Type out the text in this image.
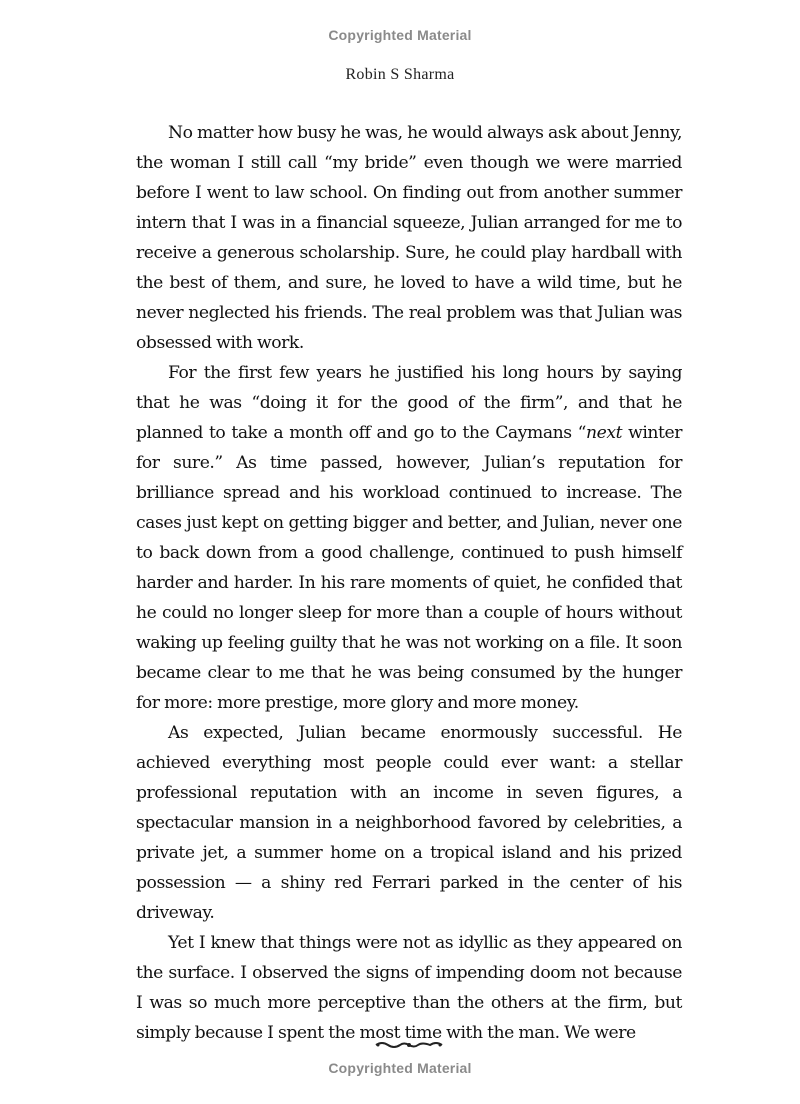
Copyrighted Material
Robin S Sharma

No matter how busy he was, he would always ask about Jenny, the woman I still call “my bride” even though we were married before I went to law school. On finding out from another summer intern that I was in a financial squeeze, Julian arranged for me to receive a generous scholarship. Sure, he could play hardball with the best of them, and sure, he loved to have a wild time, but he never neglected his friends. The real problem was that Julian was obsessed with work.

For the first few years he justified his long hours by saying that he was “doing it for the good of the firm”, and that he planned to take a month off and go to the Caymans “next winter for sure.” As time passed, however, Julian’s reputation for brilliance spread and his workload continued to increase. The cases just kept on getting bigger and better, and Julian, never one to back down from a good challenge, continued to push himself harder and harder. In his rare moments of quiet, he confided that he could no longer sleep for more than a couple of hours without waking up feeling guilty that he was not working on a file. It soon became clear to me that he was being consumed by the hunger for more: more prestige, more glory and more money.

As expected, Julian became enormously successful. He achieved everything most people could ever want: a stellar professional reputation with an income in seven figures, a spectacular mansion in a neighborhood favored by celebrities, a private jet, a summer home on a tropical island and his prized possession — a shiny red Ferrari parked in the center of his driveway.

Yet I knew that things were not as idyllic as they appeared on the surface. I observed the signs of impending doom not because I was so much more perceptive than the others at the firm, but simply because I spent the most time with the man. We were

Copyrighted Material
